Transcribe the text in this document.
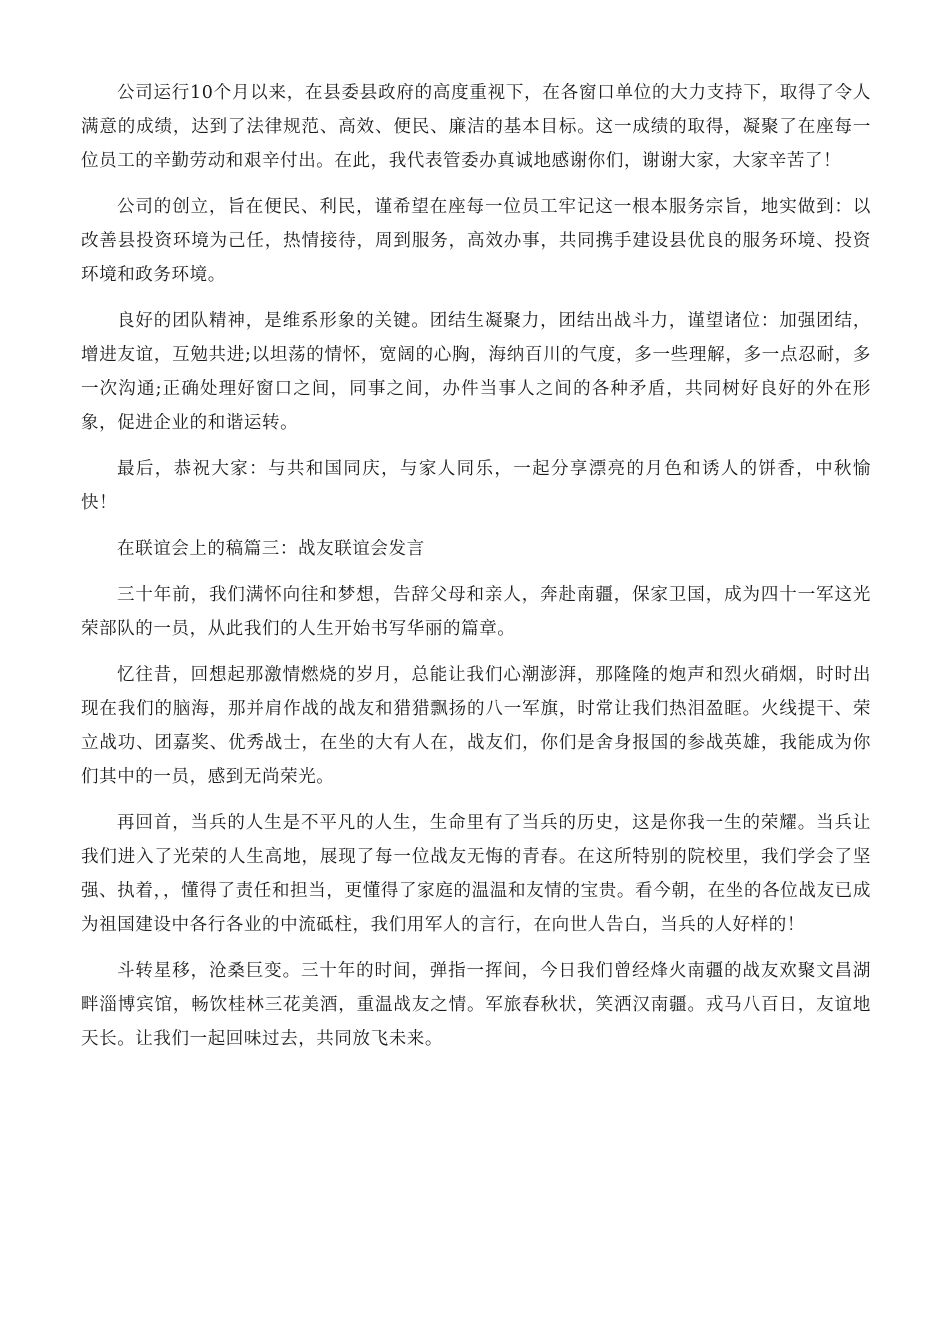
公司运行10个月以来，在县委县政府的高度重视下，在各窗口单位的大力支持下，取得了令人满意的成绩，达到了法律规范、高效、便民、廉洁的基本目标。这一成绩的取得，凝聚了在座每一位员工的辛勤劳动和艰辛付出。在此，我代表管委办真诚地感谢你们，谢谢大家，大家辛苦了！

公司的创立，旨在便民、利民，谨希望在座每一位员工牢记这一根本服务宗旨，地实做到：以改善县投资环境为己任，热情接待，周到服务，高效办事，共同携手建设县优良的服务环境、投资环境和政务环境。

良好的团队精神，是维系形象的关键。团结生凝聚力，团结出战斗力，谨望诸位：加强团结，增进友谊，互勉共进;以坦荡的情怀，宽阔的心胸，海纳百川的气度，多一些理解，多一点忍耐，多一次沟通;正确处理好窗口之间，同事之间，办件当事人之间的各种矛盾，共同树好良好的外在形象，促进企业的和谐运转。

最后，恭祝大家：与共和国同庆，与家人同乐，一起分享漂亮的月色和诱人的饼香，中秋愉快！

在联谊会上的稿篇三：战友联谊会发言

三十年前，我们满怀向往和梦想，告辞父母和亲人，奔赴南疆，保家卫国，成为四十一军这光荣部队的一员，从此我们的人生开始书写华丽的篇章。

忆往昔，回想起那激情燃烧的岁月，总能让我们心潮澎湃，那隆隆的炮声和烈火硝烟，时时出现在我们的脑海，那并肩作战的战友和猎猎飘扬的八一军旗，时常让我们热泪盈眶。火线提干、荣立战功、团嘉奖、优秀战士，在坐的大有人在，战友们，你们是舍身报国的参战英雄，我能成为你们其中的一员，感到无尚荣光。

再回首，当兵的人生是不平凡的人生，生命里有了当兵的历史，这是你我一生的荣耀。当兵让我们进入了光荣的人生高地，展现了每一位战友无悔的青春。在这所特别的院校里，我们学会了坚强、执着，，懂得了责任和担当，更懂得了家庭的温温和友情的宝贵。看今朝，在坐的各位战友已成为祖国建设中各行各业的中流砥柱，我们用军人的言行，在向世人告白，当兵的人好样的！

斗转星移，沧桑巨变。三十年的时间，弹指一挥间，今日我们曾经烽火南疆的战友欢聚文昌湖畔淄博宾馆，畅饮桂林三花美酒，重温战友之情。军旅春秋状，笑洒汉南疆。戎马八百日，友谊地天长。让我们一起回味过去，共同放飞未来。
